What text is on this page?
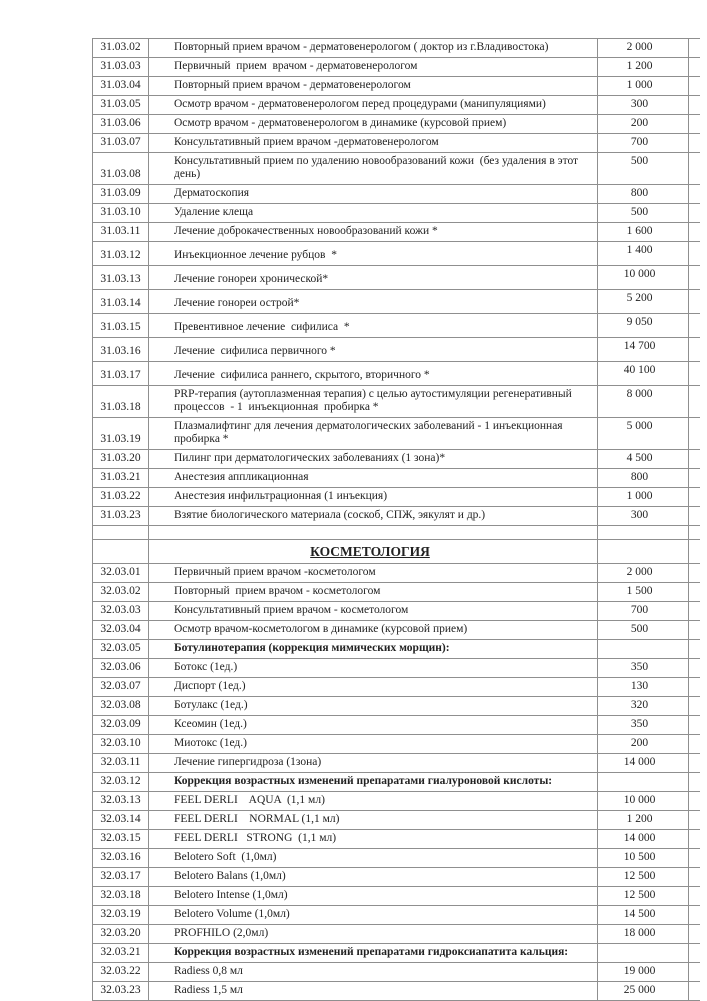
31.03.02	Повторный прием врачом - дерматовенерологом ( доктор из г.Владивостока)	2 000	
31.03.03	Первичный  прием  врачом - дерматовенерологом	1 200	
31.03.04	Повторный прием врачом - дерматовенерологом	1 000	
31.03.05	Осмотр врачом - дерматовенерологом перед процедурами (манипуляциями)	300	
31.03.06	Осмотр врачом - дерматовенерологом в динамике (курсовой прием)	200	
31.03.07	Консультативный прием врачом -дерматовенерологом	700	
31.03.08	Консультативный прием по удалению новообразований кожи  (без удаления в этот день)	500	
31.03.09	Дерматоскопия	800	
31.03.10	Удаление клеща	500	
31.03.11	Лечение доброкачественных новообразований кожи *	1 600	
31.03.12	Инъекционное лечение рубцов  *	1 400	
31.03.13	Лечение гонореи хронической*	10 000	
31.03.14	Лечение гонореи острой*	5 200	
31.03.15	Превентивное лечение  сифилиса  *	9 050	
31.03.16	Лечение  сифилиса первичного *	14 700	
31.03.17	Лечение  сифилиса раннего, скрытого, вторичного *	40 100	
31.03.18	PRP-терапия (аутоплазменная терапия) с целью аутостимуляции регенеративный процессов  - 1  инъекционная  пробирка *	8 000	
31.03.19	Плазмалифтинг для лечения дерматологических заболеваний - 1 инъекционная пробирка *	5 000	
31.03.20	Пилинг при дерматологических заболеваниях (1 зона)*	4 500	
31.03.21	Анестезия аппликационная	800	
31.03.22	Анестезия инфильтрационная (1 инъекция)	1 000	
31.03.23	Взятие биологического материала (соскоб, СПЖ, эякулят и др.)	300	

	КОСМЕТОЛОГИЯ		
32.03.01	Первичный прием врачом -косметологом	2 000	
32.03.02	Повторный  прием врачом - косметологом	1 500	
32.03.03	Консультативный прием врачом - косметологом	700	
32.03.04	Осмотр врачом-косметологом в динамике (курсовой прием)	500	
32.03.05	Ботулинотерапия (коррекция мимических морщин):		
32.03.06	Ботокс (1ед.)	350	
32.03.07	Диспорт (1ед.)	130	
32.03.08	Ботулакс (1ед.)	320	
32.03.09	Ксеомин (1ед.)	350	
32.03.10	Миотокс (1ед.)	200	
32.03.11	Лечение гипергидроза (1зона)	14 000	
32.03.12	Коррекция возрастных изменений препаратами гиалуроновой кислоты:		
32.03.13	FEEL DERLI    AQUA  (1,1 мл)	10 000	
32.03.14	FEEL DERLI    NORMAL (1,1 мл)	1 200	
32.03.15	FEEL DERLI   STRONG  (1,1 мл)	14 000	
32.03.16	Belotero Soft  (1,0мл)	10 500	
32.03.17	Belotero Balans (1,0мл)	12 500	
32.03.18	Belotero Intense (1,0мл)	12 500	
32.03.19	Belotero Volume (1,0мл)	14 500	
32.03.20	PROFHILO (2,0мл)	18 000	
32.03.21	Коррекция возрастных изменений препаратами гидроксиапатита кальция:		
32.03.22	Radiess 0,8 мл	19 000	
32.03.23	Radiess 1,5 мл	25 000	
